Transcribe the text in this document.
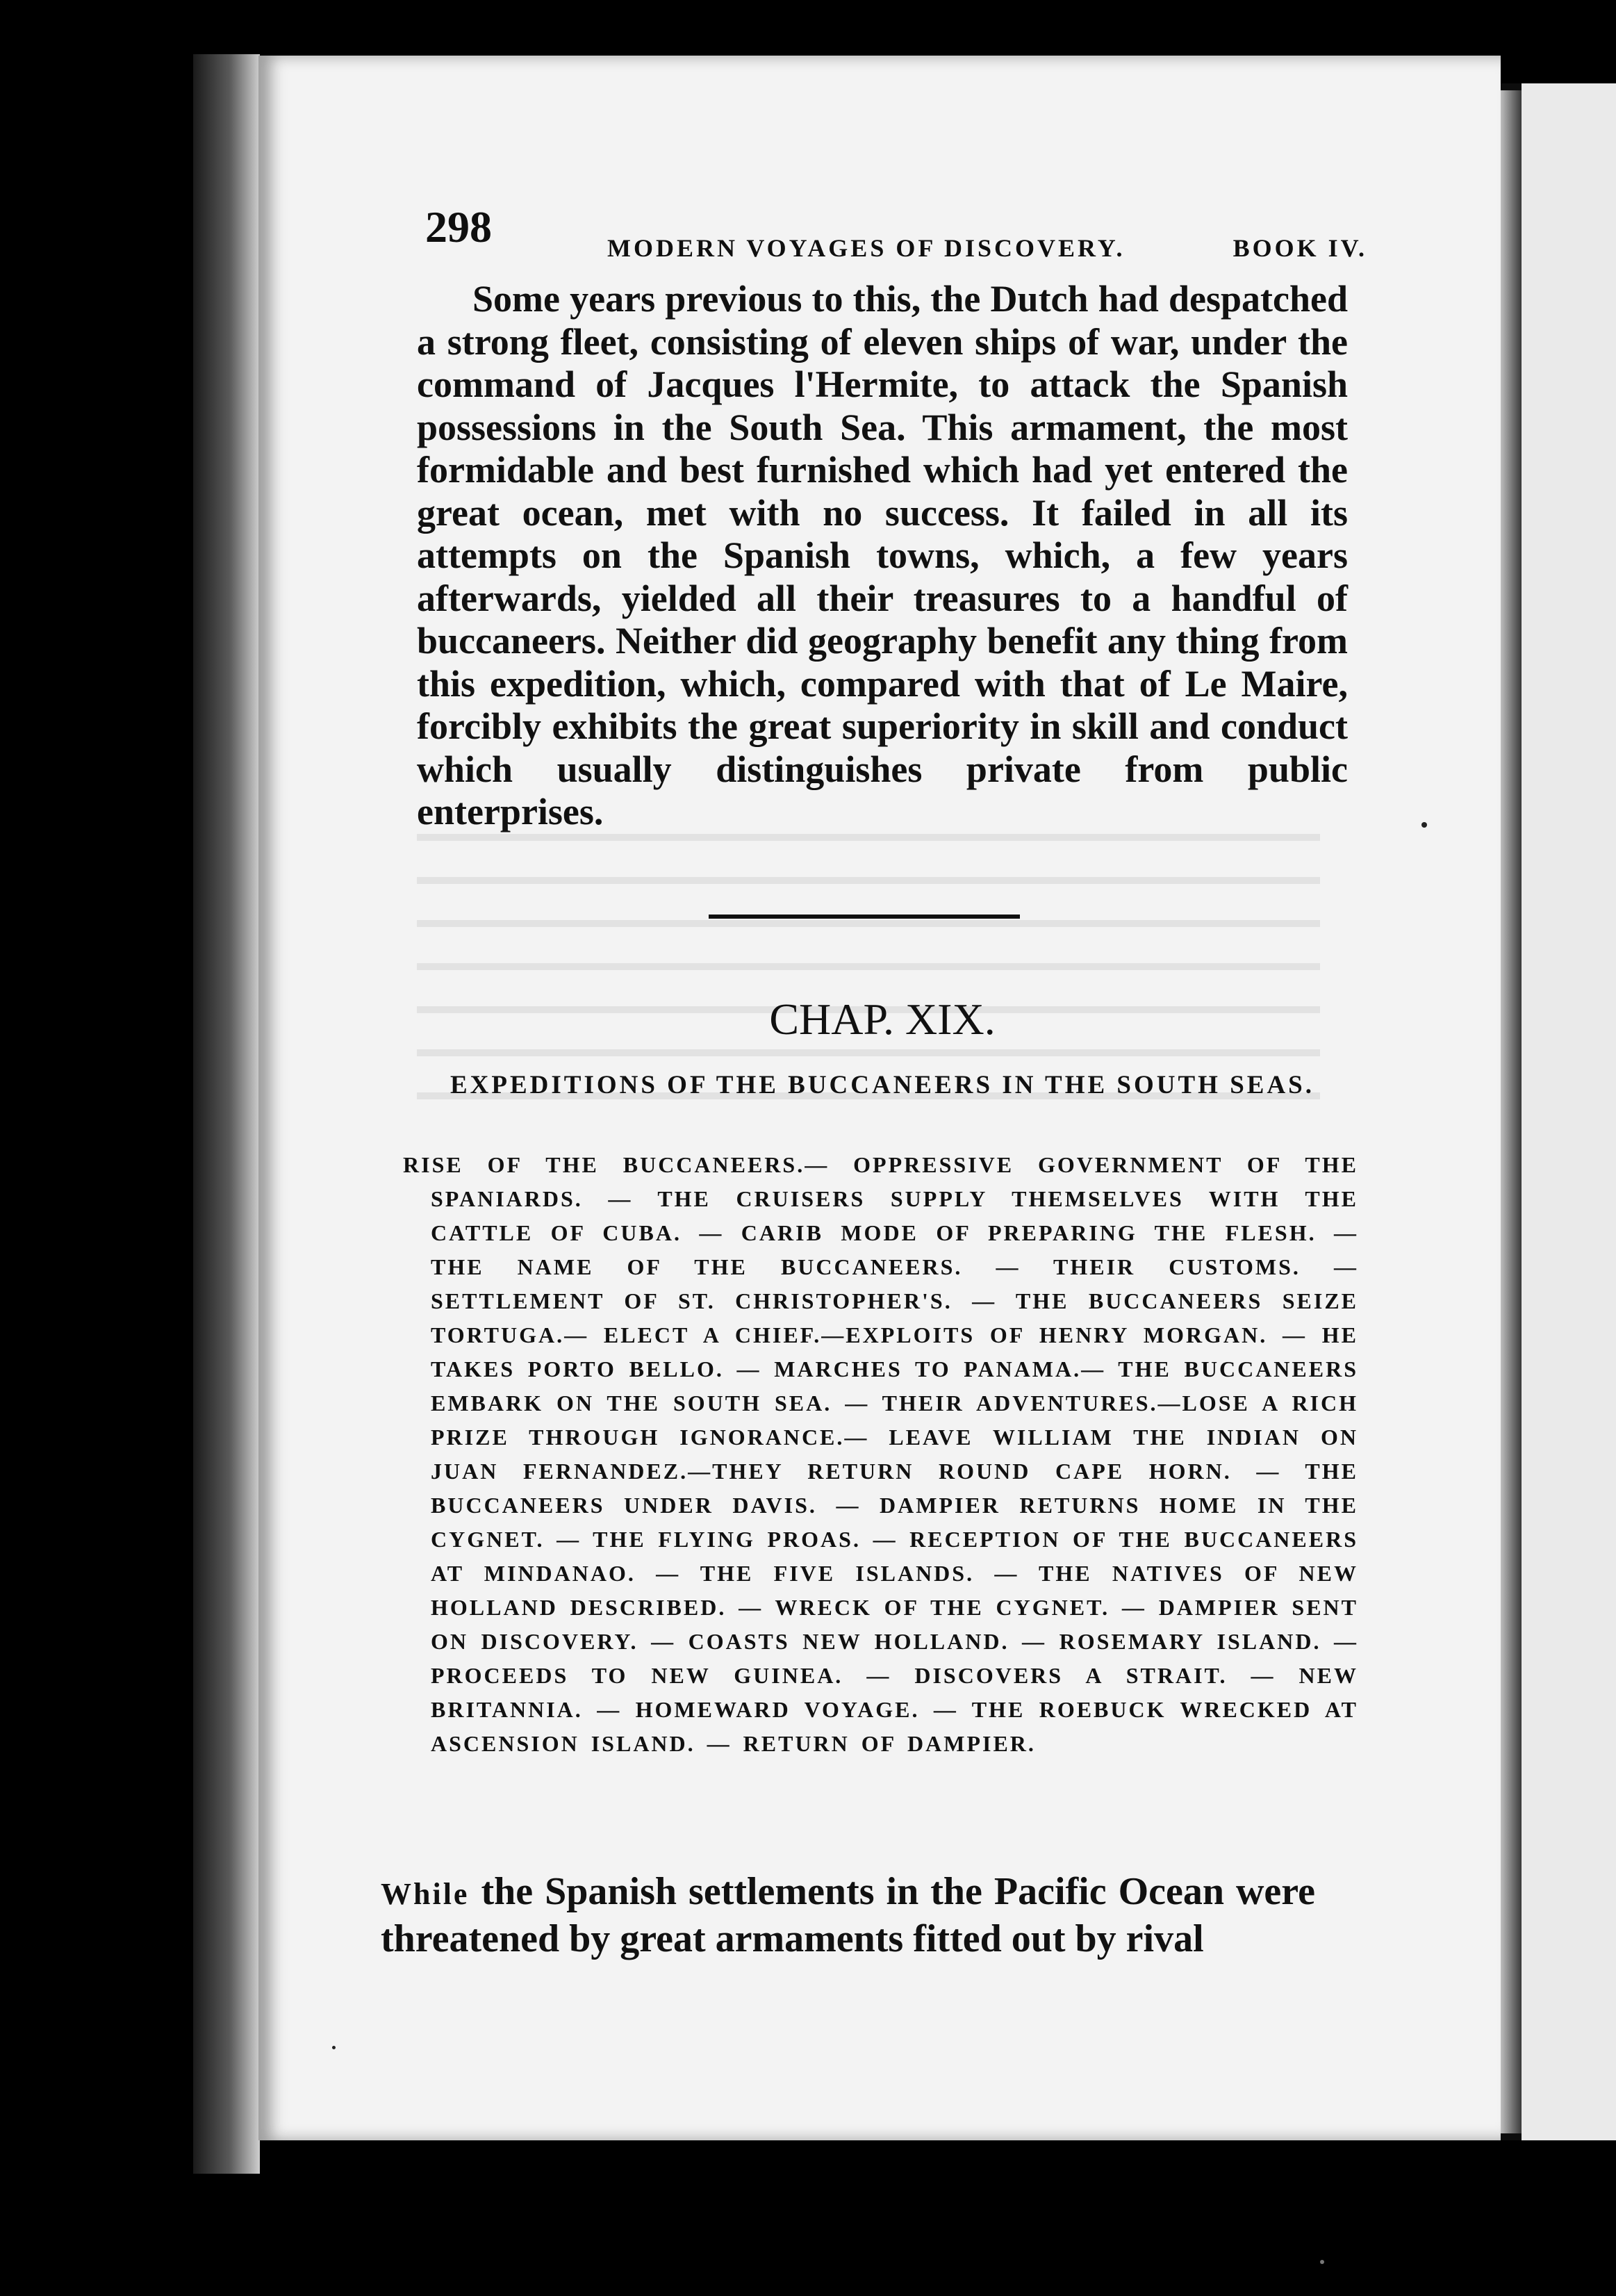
298	MODERN VOYAGES OF DISCOVERY.	BOOK IV.

Some years previous to this, the Dutch had despatched a strong fleet, consisting of eleven ships of war, under the command of Jacques l'Hermite, to attack the Spanish possessions in the South Sea. This armament, the most formidable and best furnished which had yet entered the great ocean, met with no success. It failed in all its attempts on the Spanish towns, which, a few years afterwards, yielded all their treasures to a handful of buccaneers. Neither did geography benefit any thing from this expedition, which, compared with that of Le Maire, forcibly exhibits the great superiority in skill and conduct which usually distinguishes private from public enterprises.

CHAP. XIX.
EXPEDITIONS OF THE BUCCANEERS IN THE SOUTH SEAS.

RISE OF THE BUCCANEERS.— OPPRESSIVE GOVERNMENT OF THE SPANIARDS. — THE CRUISERS SUPPLY THEMSELVES WITH THE CATTLE OF CUBA. — CARIB MODE OF PREPARING THE FLESH. — THE NAME OF THE BUCCANEERS. — THEIR CUSTOMS. — SETTLEMENT OF ST. CHRISTOPHER'S. — THE BUCCANEERS SEIZE TORTUGA.— ELECT A CHIEF.—EXPLOITS OF HENRY MORGAN. — HE TAKES PORTO BELLO. — MARCHES TO PANAMA.— THE BUCCANEERS EMBARK ON THE SOUTH SEA. — THEIR ADVENTURES.—LOSE A RICH PRIZE THROUGH IGNORANCE.— LEAVE WILLIAM THE INDIAN ON JUAN FERNANDEZ.—THEY RETURN ROUND CAPE HORN. — THE BUCCANEERS UNDER DAVIS. — DAMPIER RETURNS HOME IN THE CYGNET. — THE FLYING PROAS. — RECEPTION OF THE BUCCANEERS AT MINDANAO. — THE FIVE ISLANDS. — THE NATIVES OF NEW HOLLAND DESCRIBED. — WRECK OF THE CYGNET. — DAMPIER SENT ON DISCOVERY. — COASTS NEW HOLLAND. — ROSEMARY ISLAND. — PROCEEDS TO NEW GUINEA. — DISCOVERS A STRAIT. — NEW BRITANNIA. — HOMEWARD VOYAGE. — THE ROEBUCK WRECKED AT ASCENSION ISLAND. — RETURN OF DAMPIER.

While the Spanish settlements in the Pacific Ocean were threatened by great armaments fitted out by rival
